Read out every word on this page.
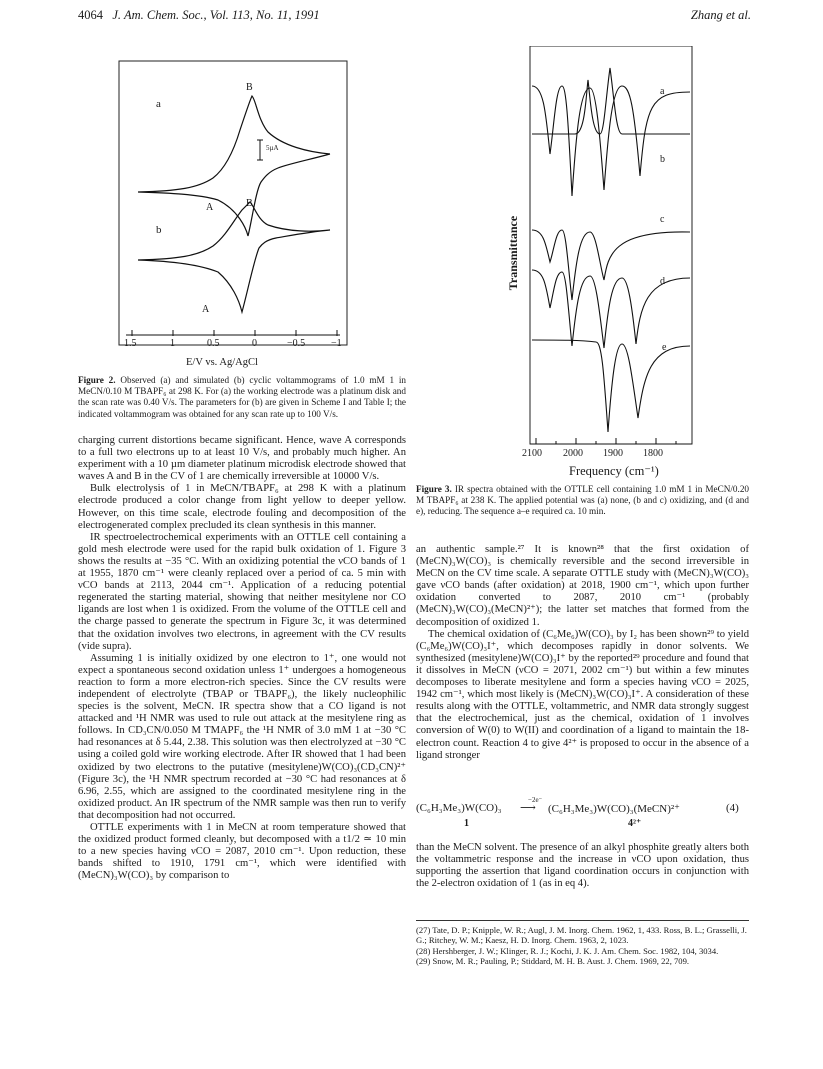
4064 J. Am. Chem. Soc., Vol. 113, No. 11, 1991	Zhang et al.
a
b
B
A	B
A
5µA
1.5	1	0.5	0	−0.5	−1
E/V vs. Ag/AgCl
Figure 2. Observed (a) and simulated (b) cyclic voltammograms of 1.0 mM 1 in MeCN/0.10 M TBAPF₆ at 298 K. For (a) the working electrode was a platinum disk and the scan rate was 0.40 V/s. The parameters for (b) are given in Scheme I and Table I; the indicated voltammogram was obtained for any scan rate up to 100 V/s.
a
b
c
d
e
2100 2000 1900 1800
Transmittance
Frequency (cm⁻¹)
Figure 3. IR spectra obtained with the OTTLE cell containing 1.0 mM 1 in MeCN/0.20 M TBAPF₆ at 238 K. The applied potential was (a) none, (b and c) oxidizing, and (d and e), reducing. The sequence a–e required ca. 10 min.

charging current distortions became significant. Hence, wave A corresponds to a full two electrons up to at least 10 V/s, and probably much higher. An experiment with a 10 µm diameter platinum microdisk electrode showed that waves A and B in the CV of 1 are chemically irreversible at 10000 V/s.

Bulk electrolysis of 1 in MeCN/TBAPF₆ at 298 K with a platinum electrode produced a color change from light yellow to deeper yellow. However, on this time scale, electrode fouling and decomposition of the electrogenerated complex precluded its clean synthesis in this manner.

IR spectroelectrochemical experiments with an OTTLE cell containing a gold mesh electrode were used for the rapid bulk oxidation of 1. Figure 3 shows the results at −35 °C. With an oxidizing potential the νCO bands of 1 at 1955, 1870 cm⁻¹ were cleanly replaced over a period of ca. 5 min with νCO bands at 2113, 2044 cm⁻¹. Application of a reducing potential regenerated the starting material, showing that neither mesitylene nor CO ligands are lost when 1 is oxidized. From the volume of the OTTLE cell and the charge passed to generate the spectrum in Figure 3c, it was determined that the oxidation involves two electrons, in agreement with the CV results (vide supra).

Assuming 1 is initially oxidized by one electron to 1⁺, one would not expect a spontaneous second oxidation unless 1⁺ undergoes a homogeneous reaction to form a more electron-rich species. Since the CV results were independent of electrolyte (TBAP or TBAPF₆), the likely nucleophilic species is the solvent, MeCN. IR spectra show that a CO ligand is not attacked and ¹H NMR was used to rule out attack at the mesitylene ring as follows. In CD₃CN/0.050 M TMAPF₆ the ¹H NMR of 3.0 mM 1 at −30 °C had resonances at δ 5.44, 2.38. This solution was then electrolyzed at −30 °C using a coiled gold wire working electrode. After IR showed that 1 had been oxidized by two electrons to the putative (mesitylene)W(CO)₃(CD₃CN)²⁺ (Figure 3c), the ¹H NMR spectrum recorded at −30 °C had resonances at δ 6.96, 2.55, which are assigned to the coordinated mesitylene ring in the oxidized product. An IR spectrum of the NMR sample was then run to verify that decomposition had not occurred.

OTTLE experiments with 1 in MeCN at room temperature showed that the oxidized product formed cleanly, but decomposed with a t1/2 ≃ 10 min to a new species having νCO = 2087, 2010 cm⁻¹. Upon reduction, these bands shifted to 1910, 1791 cm⁻¹, which were identified with (MeCN)₃W(CO)₃ by comparison to

an authentic sample.²⁷ It is known²⁸ that the first oxidation of (MeCN)₃W(CO)₃ is chemically reversible and the second irreversible in MeCN on the CV time scale. A separate OTTLE study with (MeCN)₃W(CO)₃ gave νCO bands (after oxidation) at 2018, 1900 cm⁻¹, which upon further oxidation converted to 2087, 2010 cm⁻¹ (probably (MeCN)₃W(CO)₃(MeCN)²⁺); the latter set matches that formed from the decomposition of oxidized 1.

The chemical oxidation of (C₆Me₆)W(CO)₃ by I₂ has been shown²⁹ to yield (C₆Me₆)W(CO)₃I⁺, which decomposes rapidly in donor solvents. We synthesized (mesitylene)W(CO)₃I⁺ by the reported²⁹ procedure and found that it dissolves in MeCN (νCO = 2071, 2002 cm⁻¹) but within a few minutes decomposes to liberate mesitylene and form a species having νCO = 2025, 1942 cm⁻¹, which most likely is (MeCN)₃W(CO)₃I⁺. A consideration of these results along with the OTTLE, voltammetric, and NMR data strongly suggest that the electrochemical, just as the chemical, oxidation of 1 involves conversion of W(0) to W(II) and coordination of a ligand to maintain the 18-electron count. Reaction 4 to give 4²⁺ is proposed to occur in the absence of a ligand stronger

(C₆H₃Me₃)W(CO)₃
−2e⁻
⟶ (C₆H₃Me₃)W(CO)₃(MeCN)²⁺	(4)
1	4²⁺

than the MeCN solvent. The presence of an alkyl phosphite greatly alters both the voltammetric response and the increase in νCO upon oxidation, thus supporting the assertion that ligand coordination occurs in conjunction with the 2-electron oxidation of 1 (as in eq 4).

(27) Tate, D. P.; Knipple, W. R.; Augl, J. M. Inorg. Chem. 1962, 1, 433. Ross, B. L.; Grasselli, J. G.; Ritchey, W. M.; Kaesz, H. D. Inorg. Chem. 1963, 2, 1023.

(28) Hershberger, J. W.; Klinger, R. J.; Kochi, J. K. J. Am. Chem. Soc. 1982, 104, 3034.

(29) Snow, M. R.; Pauling, P.; Stiddard, M. H. B. Aust. J. Chem. 1969, 22, 709.
